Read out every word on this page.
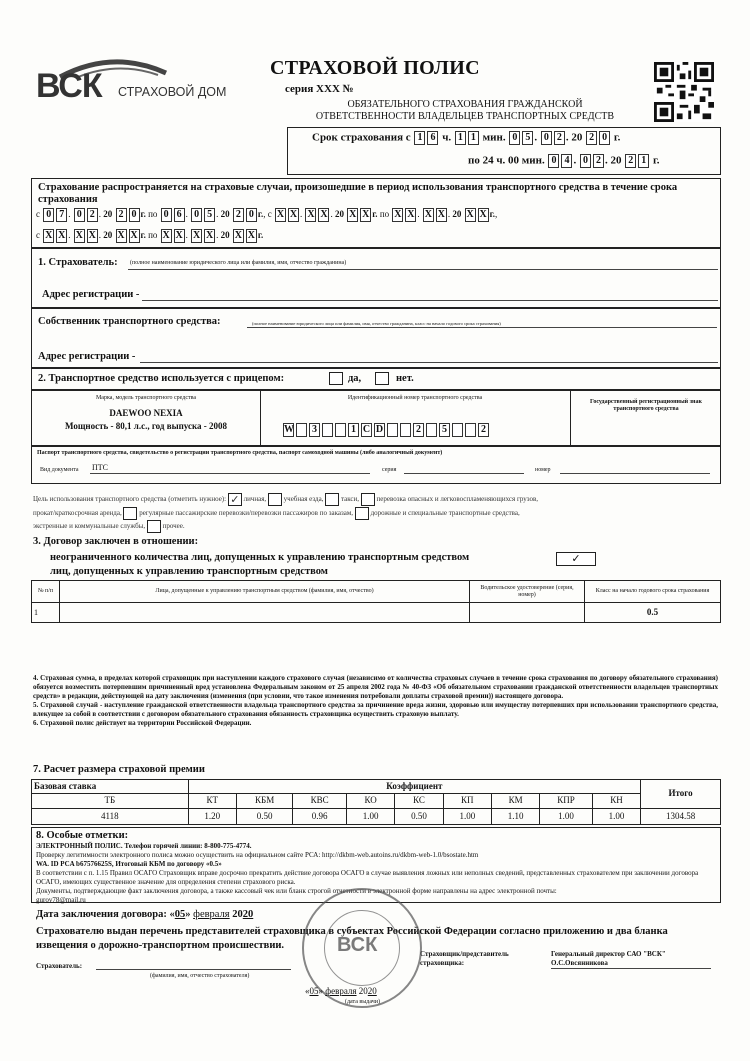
ВСК СТРАХОВОЙ ДОМ
СТРАХОВОЙ ПОЛИС
серия ХХХ №
ОБЯЗАТЕЛЬНОГО СТРАХОВАНИЯ ГРАЖДАНСКОЙ
ОТВЕТСТВЕННОСТИ ВЛАДЕЛЬЦЕВ ТРАНСПОРТНЫХ СРЕДСТВ
Срок страхования с 1 6 ч. 1 1 мин. 0 5 . 0 2 . 20 2 0 г.
по 24 ч. 00 мин. 0 4 . 0 2 . 20 2 1 г.
Страхование распространяется на страховые случаи, произошедшие в период использования транспортного средства в течение срока страхования
с 0 7 . 0 2 . 20 2 0 г. по 0 6 . 0 5 . 20 2 0 г., с Х Х . Х Х . 20 Х Х г. по Х Х . Х Х . 20 Х Х г.,
с Х Х . Х Х . 20 Х Х г. по Х Х . Х Х . 20 Х Х г.
1. Страхователь: (полное наименование юридического лица или фамилия, имя, отчество гражданина)
Адрес регистрации -
Собственник транспортного средства:	(полное наименование юридического лица или фамилия, имя, отчество гражданина, класс на начало годового срока страхования)
Адрес регистрации -
2. Транспортное средство используется с прицепом:	да,	нет.
Марка, модель транспортного средства
DAEWOO NEXIA
Мощность - 80,1 л.с., год выпуска - 2008
Идентификационный номер транспортного средства
W 3	1 C D	2 5	2
Государственный регистрационный знак транспортного средства
Паспорт транспортного средства, свидетельство о регистрации транспортного средства, паспорт самоходной машины (либо аналогичный документ)
Вид документа ПТС	серия	номер
Цель использования транспортного средства (отметить нужное): ✓ личная,	учебная езда,	такси,	перевозка опасных и легковоспламеняющихся грузов,
прокат/краткосрочная аренда,	регулярные пассажирские перевозки/перевозки пассажиров по заказам,	дорожные и специальные транспортные средства,
экстренные и коммунальные службы,	прочее.
3. Договор заключен в отношении:
неограниченного количества лиц, допущенных к управлению транспортным средством
лиц, допущенных к управлению транспортным средством
✓
№ п/п	Лица, допущенные к управлению транспортным средством (фамилия, имя, отчество)	Водительское удостоверение (серия, номер)	Класс на начало годового срока страхования
1			0.5
4. Страховая сумма, в пределах которой страховщик при наступлении каждого страхового случая (независимо от количества страховых случаев в течение срока страхования по договору обязательного страхования) обязуется возместить потерпевшим причиненный вред установлена Федеральным законом от 25 апреля 2002 года № 40-ФЗ «Об обязательном страховании гражданской ответственности владельцев транспортных средств» в редакции, действующей на дату заключения (изменения (при условии, что такое изменения потребовали доплаты страховой премии)) настоящего договора.
5. Страховой случай - наступление гражданской ответственности владельца транспортного средства за причинение вреда жизни, здоровью или имуществу потерпевших при использовании транспортного средства, влекущее за собой в соответствии с договором обязательного страхования обязанность страховщика осуществить страховую выплату.
6. Страховой полис действует на территории Российской Федерации.
7. Расчет размера страховой премии
Базовая ставка	Коэффициент									Итого
ТБ	КТ	КБМ	КВС	КО	КС	КП	КМ	КПР	КН	
4118	1.20	0.50	0.96	1.00	0.50	1.00	1.10	1.00	1.00	1304.58
8. Особые отметки:
ЭЛЕКТРОННЫЙ ПОЛИС. Телефон горячей линии: 8-800-775-4774.
Проверку легитимности электронного полиса можно осуществить на официальном сайте РСА: http://dkbm-web.autoins.ru/dkbm-web-1.0/bsostate.htm
WA. ID PCA b67576625S, Итоговый КБМ по договору «0.5»
В соответствии с п. 1.15 Правил ОСАГО Страховщик вправе досрочно прекратить действие договора ОСАГО в случае выявления ложных или неполных сведений, представленных страхователем при заключении договора ОСАГО, имеющих существенное значение для определения степени страхового риска.
Документы, подтверждающие факт заключения договора, а также кассовый чек или бланк строгой отчетности в электронной форме направлены на адрес электронной почты:
gurov78@mail.ru
Дата заключения договора: «05» февраля 2020
Страхователю выдан перечень представителей страховщика в субъектах Российской Федерации согласно приложению и два бланка извещения о дорожно-транспортном происшествии.
Страхователь:
(фамилия, имя, отчество страхователя)
Страховщик/представитель
страховщика:
Генеральный директор САО "ВСК"
О.С.Овсянникова
ВСК
«05» февраля 2020
(дата выдачи)
